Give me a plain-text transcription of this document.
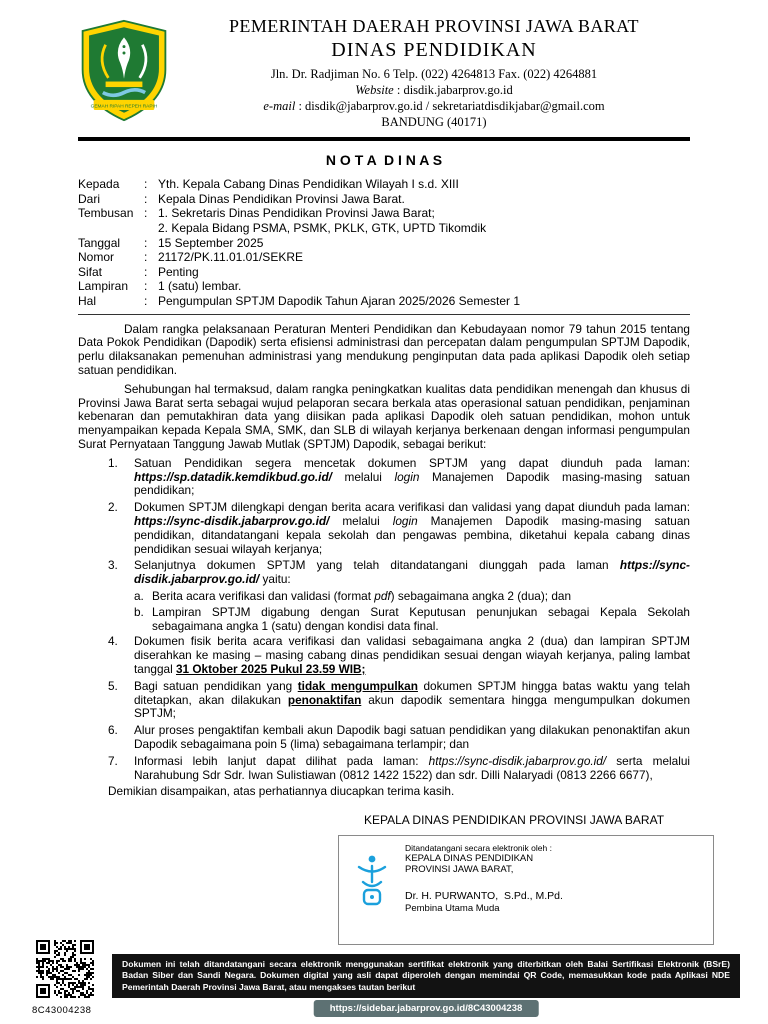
GEMAH RIPAH REPEH RAPIH
PEMERINTAH DAERAH PROVINSI JAWA BARAT
DINAS PENDIDIKAN
Jln. Dr. Radjiman No. 6 Telp. (022) 4264813 Fax. (022) 4264881
Website : disdik.jabarprov.go.id
e-mail : disdik@jabarprov.go.id / sekretariatdisdikjabar@gmail.com
BANDUNG (40171)
N O T A  D I N A S
Kepada	:	Yth. Kepala Cabang Dinas Pendidikan Wilayah I s.d. XIII

Dari	:	Kepala Dinas Pendidikan Provinsi Jawa Barat.

Tembusan	:	1. Sekretaris Dinas Pendidikan Provinsi Jawa Barat;
2. Kepala Bidang PSMA, PSMK, PKLK, GTK, UPTD Tikomdik

Tanggal	:	15 September 2025

Nomor	:	21172/PK.11.01.01/SEKRE

Sifat	:	Penting

Lampiran	:	1 (satu) lembar.

Hal	:	Pengumpulan SPTJM Dapodik Tahun Ajaran 2025/2026 Semester 1

Dalam rangka pelaksanaan Peraturan Menteri Pendidikan dan Kebudayaan nomor 79 tahun 2015 tentang Data Pokok Pendidikan (Dapodik) serta efisiensi administrasi dan percepatan dalam pengumpulan SPTJM Dapodik, perlu dilaksanakan pemenuhan administrasi yang mendukung penginputan data pada aplikasi Dapodik oleh setiap satuan pendidikan.

Sehubungan hal termaksud, dalam rangka peningkatkan kualitas data pendidikan menengah dan khusus di Provinsi Jawa Barat serta sebagai wujud pelaporan secara berkala atas operasional satuan pendidikan, penjaminan kebenaran dan pemutakhiran data yang diisikan pada aplikasi Dapodik oleh satuan pendidikan, mohon untuk menyampaikan kepada Kepala SMA, SMK, dan SLB di wilayah kerjanya berkenaan dengan informasi pengumpulan Surat Pernyataan Tanggung Jawab Mutlak (SPTJM) Dapodik, sebagai berikut:

1.	Satuan Pendidikan segera mencetak dokumen SPTJM yang dapat diunduh pada laman: https://sp.datadik.kemdikbud.go.id/ melalui login Manajemen Dapodik masing-masing satuan pendidikan;
2.	Dokumen SPTJM dilengkapi dengan berita acara verifikasi dan validasi yang dapat diunduh pada laman: https://sync-disdik.jabarprov.go.id/ melalui login Manajemen Dapodik masing-masing satuan pendidikan, ditandatangani kepala sekolah dan pengawas pembina, diketahui kepala cabang dinas pendidikan sesuai wilayah kerjanya;
3.	Selanjutnya dokumen SPTJM yang telah ditandatangani diunggah pada laman https://sync-disdik.jabarprov.go.id/ yaitu:
a. Berita acara verifikasi dan validasi (format pdf) sebagaimana angka 2 (dua); dan
b. Lampiran SPTJM digabung dengan Surat Keputusan penunjukan sebagai Kepala Sekolah sebagaimana angka 1 (satu) dengan kondisi data final.
4.	Dokumen fisik berita acara verifikasi dan validasi sebagaimana angka 2 (dua) dan lampiran SPTJM diserahkan ke masing – masing cabang dinas pendidikan sesuai dengan wiayah kerjanya, paling lambat tanggal 31 Oktober 2025 Pukul 23.59 WIB;
5.	Bagi satuan pendidikan yang tidak mengumpulkan dokumen SPTJM hingga batas waktu yang telah ditetapkan, akan dilakukan penonaktifan akun dapodik sementara hingga mengumpulkan dokumen SPTJM;
6.	Alur proses pengaktifan kembali akun Dapodik bagi satuan pendidikan yang dilakukan penonaktifan akun Dapodik sebagaimana poin 5 (lima) sebagaimana terlampir; dan
7.	Informasi lebih lanjut dapat dilihat pada laman: https://sync-disdik.jabarprov.go.id/ serta melalui Narahubung Sdr Sdr. Iwan Sulistiawan (0812 1422 1522) dan sdr. Dilli Nalaryadi (0813 2266 6677),

Demikian disampaikan, atas perhatiannya diucapkan terima kasih.

KEPALA DINAS PENDIDIKAN PROVINSI JAWA BARAT
Ditandatangani secara elektronik oleh :
KEPALA DINAS PENDIDIKAN
PROVINSI JAWA BARAT,
Dr. H. PURWANTO,  S.Pd., M.Pd.
Pembina Utama Muda
8C43004238
Dokumen ini telah ditandatangani secara elektronik menggunakan sertifikat elektronik yang diterbitkan oleh Balai Sertifikasi Elektronik (BSrE) Badan Siber dan Sandi Negara. Dokumen digital yang asli dapat diperoleh dengan memindai QR Code, memasukkan kode pada Aplikasi NDE Pemerintah Daerah Provinsi Jawa Barat, atau mengakses tautan berikut
https://sidebar.jabarprov.go.id/8C43004238
